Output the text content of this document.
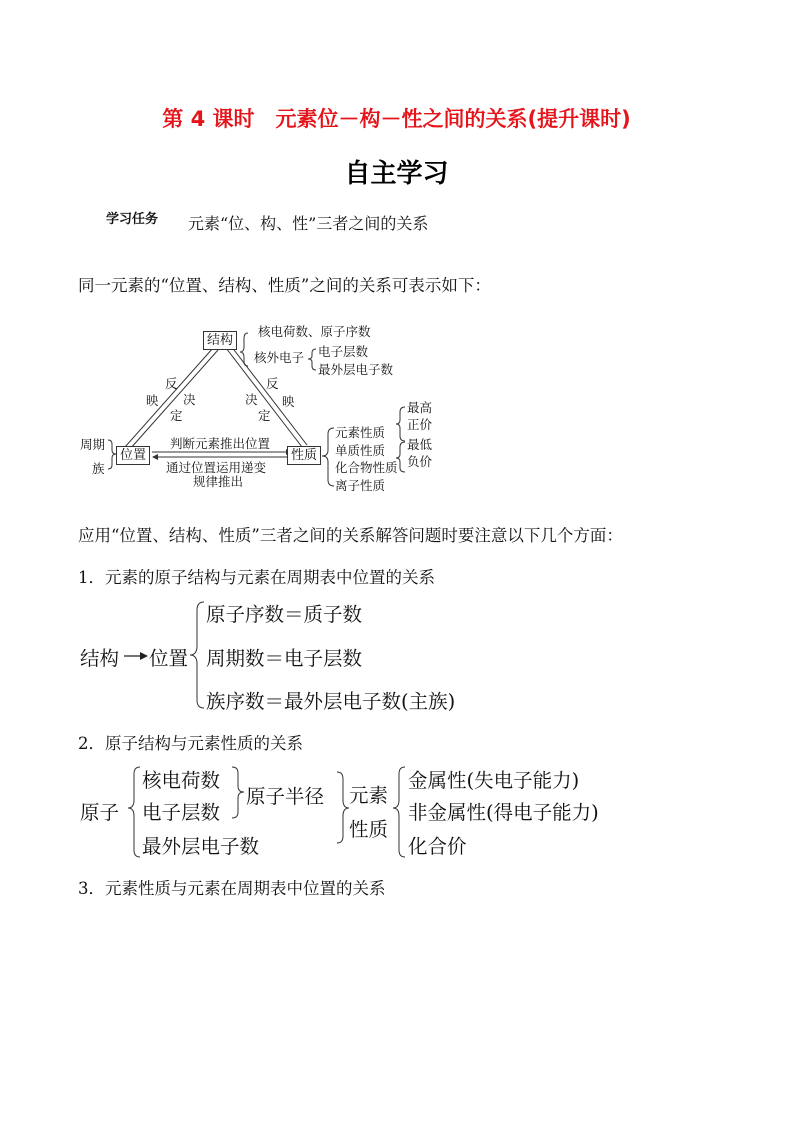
第 4 课时　元素位－构－性之间的关系(提升课时)
自主学习
学习任务 元素“位、构、性”三者之间的关系
同一元素的“位置、结构、性质”之间的关系可表示如下：
结构
位置	性质
核电荷数、原子序数
核外电子 电子层数
最外层电子数
反
映 决
定
决
定
反
映
周期
族
判断元素推出位置
通过位置运用递变
规律推出
元素性质
单质性质
化合物性质
离子性质
最高
正价
最低
负价
应用“位置、结构、性质”三者之间的关系解答问题时要注意以下几个方面：
1．元素的原子结构与元素在周期表中位置的关系
结构 位置
原子序数＝质子数
周期数＝电子层数
族序数＝最外层电子数(主族)
2．原子结构与元素性质的关系
原子
核电荷数
电子层数
最外层电子数
原子半径 元素
性质
金属性(失电子能力)
非金属性(得电子能力)
化合价
3．元素性质与元素在周期表中位置的关系
